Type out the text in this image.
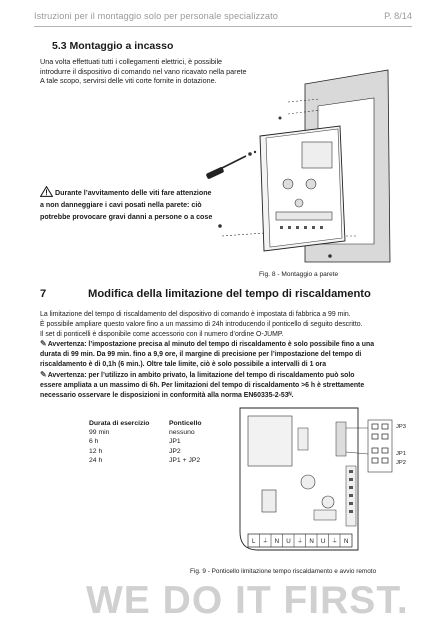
Istruzioni per il montaggio solo per personale specializzato	P. 8/14
5.3 Montaggio a incasso
Una volta effettuati tutti i collegamenti elettrici, è possibile
introdurre il dispositivo di comando nel vano ricavato nella parete
A tale scopo, servirsi delle viti corte fornite in dotazione.
Durante l’avvitamento delle viti fare attenzione
a non danneggiare i cavi posati nella parete: ciò
potrebbe provocare gravi danni a persone o a cose
Fig. 8 - Montaggio a parete
7	Modifica della limitazione del tempo di riscaldamento
La limitazione del tempo di riscaldamento del dispositivo di comando è impostata di fabbrica a 99 min.
È possibile ampliare questo valore fino a un massimo di 24h introducendo il ponticello di seguito descritto.
Il set di ponticelli è disponibile come accessorio con il numero d’ordine O-JUMP.
✎Avvertenza: l’impostazione precisa al minuto del tempo di riscaldamento è solo possibile fino a una
durata di 99 min. Da 99 min. fino a 9,9 ore, il margine di precisione per l’impostazione del tempo di
riscaldamento è di 0,1h (6 min.). Oltre tale limite, ciò è solo possibile a intervalli di 1 ora
✎Avvertenza: per l’utilizzo in ambito privato, la limitazione del tempo di riscaldamento può solo
essere ampliata a un massimo di 6h. Per limitazioni del tempo di riscaldamento >6 h è strettamente
necessario osservare le disposizioni in conformità alla norma EN60335-2-53ᴺ.
Durata di esercizio	Ponticello
99 min	nessuno
6 h	JP1
12 h	JP2
24 h	JP1 + JP2
JP3
JP1
JP2
L	⏚	N	U	⏚	N	U	⏚	N
Fig. 9 - Ponticello limitazione tempo riscaldamento e avvio remoto
WE DO IT FIRST.
